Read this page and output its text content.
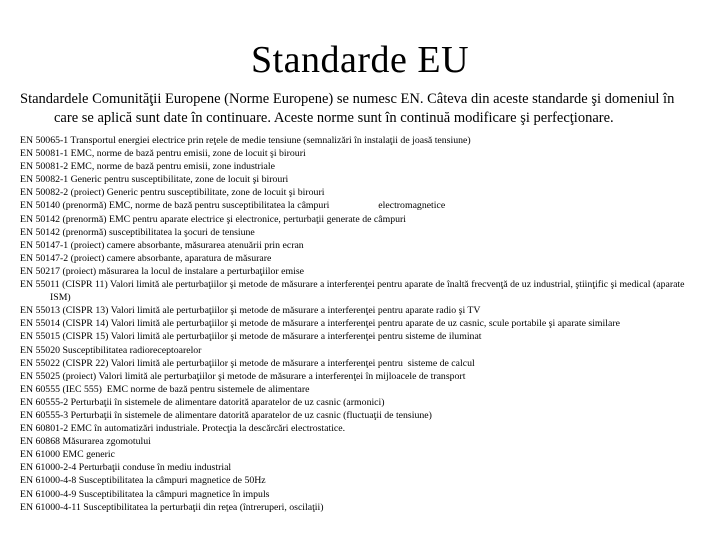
Standarde EU
Standardele Comunităţii Europene (Norme Europene) se numesc EN. Câteva din aceste standarde şi domeniul în care se aplică sunt date în continuare. Aceste norme sunt în continuă modificare şi perfecţionare.
EN 50065-1 Transportul energiei electrice prin reţele de medie tensiune (semnalizări în instalaţii de joasă tensiune)
EN 50081-1 EMC, norme de bază pentru emisii, zone de locuit şi birouri
EN 50081-2 EMC, norme de bază pentru emisii, zone industriale
EN 50082-1 Generic pentru susceptibilitate, zone de locuit şi birouri
EN 50082-2 (proiect) Generic pentru susceptibilitate, zone de locuit şi birouri
EN 50140 (prenormă) EMC, norme de bază pentru susceptibilitatea la câmpuri                    electromagnetice
EN 50142 (prenormă) EMC pentru aparate electrice şi electronice, perturbaţii generate de câmpuri
EN 50142 (prenormă) susceptibilitatea la şocuri de tensiune
EN 50147-1 (proiect) camere absorbante, măsurarea atenuării prin ecran
EN 50147-2 (proiect) camere absorbante, aparatura de măsurare
EN 50217 (proiect) măsurarea la locul de instalare a perturbaţiilor emise
EN 55011 (CISPR 11) Valori limită ale perturbaţiilor şi metode de măsurare a interferenţei pentru aparate de înaltă frecvenţă de uz industrial, ştiinţific şi medical (aparate ISM)
EN 55013 (CISPR 13) Valori limită ale perturbaţiilor şi metode de măsurare a interferenţei pentru aparate radio şi TV
EN 55014 (CISPR 14) Valori limită ale perturbaţiilor şi metode de măsurare a interferenţei pentru aparate de uz casnic, scule portabile şi aparate similare
EN 55015 (CISPR 15) Valori limită ale perturbaţiilor şi metode de măsurare a interferenţei pentru sisteme de iluminat
EN 55020 Susceptibilitatea radioreceptoarelor
EN 55022 (CISPR 22) Valori limită ale perturbaţiilor şi metode de măsurare a interferenţei pentru  sisteme de calcul
EN 55025 (proiect) Valori limită ale perturbaţiilor şi metode de măsurare a interferenţei în mijloacele de transport
EN 60555 (IEC 555)  EMC norme de bază pentru sistemele de alimentare
EN 60555-2 Perturbaţii în sistemele de alimentare datorită aparatelor de uz casnic (armonici)
EN 60555-3 Perturbaţii în sistemele de alimentare datorită aparatelor de uz casnic (fluctuaţii de tensiune)
EN 60801-2 EMC în automatizări industriale. Protecţia la descărcări electrostatice.
EN 60868 Măsurarea zgomotului
EN 61000 EMC generic
EN 61000-2-4 Perturbaţii conduse în mediu industrial
EN 61000-4-8 Susceptibilitatea la câmpuri magnetice de 50Hz
EN 61000-4-9 Susceptibilitatea la câmpuri magnetice în impuls
EN 61000-4-11 Susceptibilitatea la perturbaţii din reţea (întreruperi, oscilaţii)
